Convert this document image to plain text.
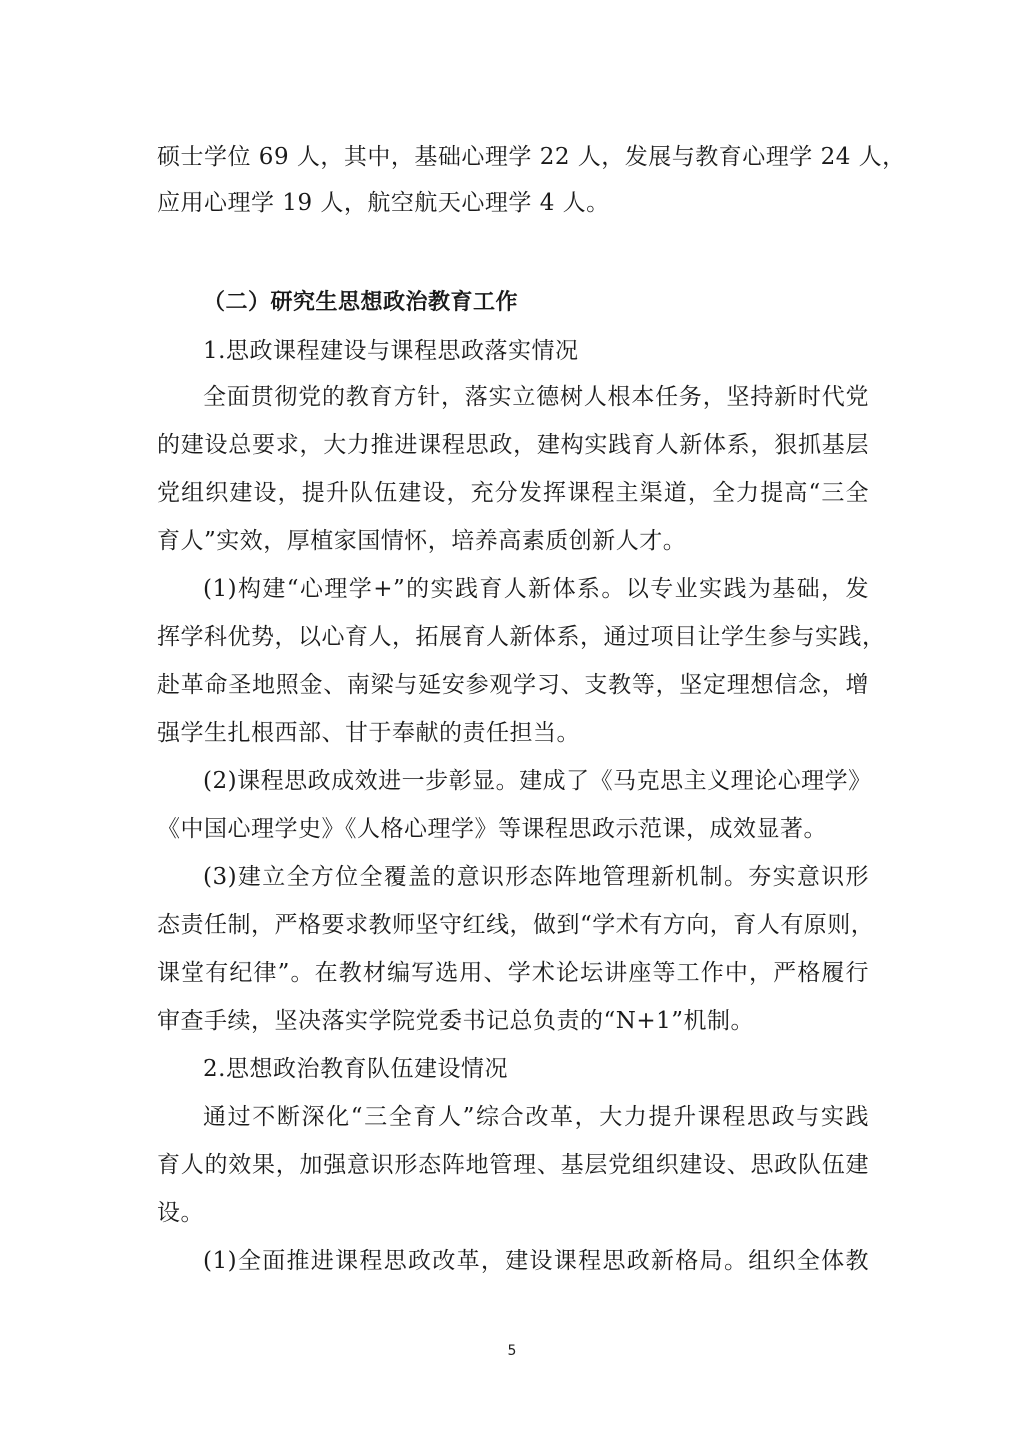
硕士学位 69 人，其中，基础心理学 22 人，发展与教育心理学 24 人，
应用心理学 19 人，航空航天心理学 4 人。
（二）研究生思想政治教育工作
1.思政课程建设与课程思政落实情况
全面贯彻党的教育方针，落实立德树人根本任务，坚持新时代党
的建设总要求，大力推进课程思政，建构实践育人新体系，狠抓基层
党组织建设，提升队伍建设，充分发挥课程主渠道，全力提高“三全
育人”实效，厚植家国情怀，培养高素质创新人才。
(1)构建“心理学+”的实践育人新体系。以专业实践为基础，发
挥学科优势，以心育人，拓展育人新体系，通过项目让学生参与实践，
赴革命圣地照金、南梁与延安参观学习、支教等，坚定理想信念，增
强学生扎根西部、甘于奉献的责任担当。
(2)课程思政成效进一步彰显。建成了《马克思主义理论心理学》
《中国心理学史》《人格心理学》等课程思政示范课，成效显著。
(3)建立全方位全覆盖的意识形态阵地管理新机制。夯实意识形
态责任制，严格要求教师坚守红线，做到“学术有方向，育人有原则，
课堂有纪律”。在教材编写选用、学术论坛讲座等工作中，严格履行
审查手续，坚决落实学院党委书记总负责的“N+1”机制。
2.思想政治教育队伍建设情况
通过不断深化“三全育人”综合改革，大力提升课程思政与实践
育人的效果，加强意识形态阵地管理、基层党组织建设、思政队伍建
设。
(1)全面推进课程思政改革，建设课程思政新格局。组织全体教
5
